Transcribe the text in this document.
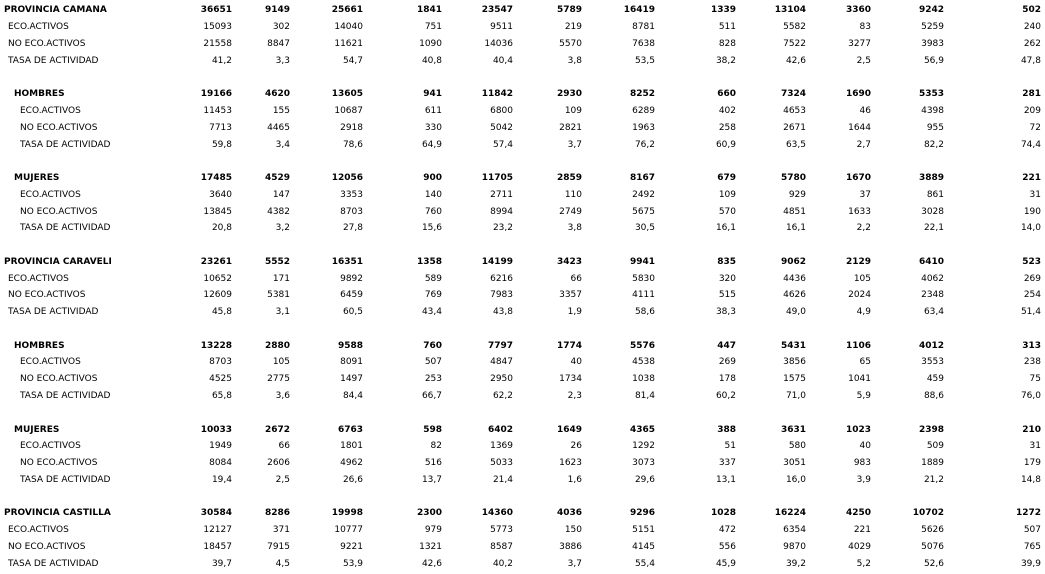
PROVINCIA CAMANA	36651	9149	25661	1841	23547	5789	16419	1339	13104	3360	9242	502
ECO.ACTIVOS	15093	302	14040	751	9511	219	8781	511	5582	83	5259	240
NO ECO.ACTIVOS	21558	8847	11621	1090	14036	5570	7638	828	7522	3277	3983	262
TASA DE ACTIVIDAD	41,2	3,3	54,7	40,8	40,4	3,8	53,5	38,2	42,6	2,5	56,9	47,8

HOMBRES	19166	4620	13605	941	11842	2930	8252	660	7324	1690	5353	281
ECO.ACTIVOS	11453	155	10687	611	6800	109	6289	402	4653	46	4398	209
NO ECO.ACTIVOS	7713	4465	2918	330	5042	2821	1963	258	2671	1644	955	72
TASA DE ACTIVIDAD	59,8	3,4	78,6	64,9	57,4	3,7	76,2	60,9	63,5	2,7	82,2	74,4

MUJERES	17485	4529	12056	900	11705	2859	8167	679	5780	1670	3889	221
ECO.ACTIVOS	3640	147	3353	140	2711	110	2492	109	929	37	861	31
NO ECO.ACTIVOS	13845	4382	8703	760	8994	2749	5675	570	4851	1633	3028	190
TASA DE ACTIVIDAD	20,8	3,2	27,8	15,6	23,2	3,8	30,5	16,1	16,1	2,2	22,1	14,0

PROVINCIA CARAVELI	23261	5552	16351	1358	14199	3423	9941	835	9062	2129	6410	523
ECO.ACTIVOS	10652	171	9892	589	6216	66	5830	320	4436	105	4062	269
NO ECO.ACTIVOS	12609	5381	6459	769	7983	3357	4111	515	4626	2024	2348	254
TASA DE ACTIVIDAD	45,8	3,1	60,5	43,4	43,8	1,9	58,6	38,3	49,0	4,9	63,4	51,4

HOMBRES	13228	2880	9588	760	7797	1774	5576	447	5431	1106	4012	313
ECO.ACTIVOS	8703	105	8091	507	4847	40	4538	269	3856	65	3553	238
NO ECO.ACTIVOS	4525	2775	1497	253	2950	1734	1038	178	1575	1041	459	75
TASA DE ACTIVIDAD	65,8	3,6	84,4	66,7	62,2	2,3	81,4	60,2	71,0	5,9	88,6	76,0

MUJERES	10033	2672	6763	598	6402	1649	4365	388	3631	1023	2398	210
ECO.ACTIVOS	1949	66	1801	82	1369	26	1292	51	580	40	509	31
NO ECO.ACTIVOS	8084	2606	4962	516	5033	1623	3073	337	3051	983	1889	179
TASA DE ACTIVIDAD	19,4	2,5	26,6	13,7	21,4	1,6	29,6	13,1	16,0	3,9	21,2	14,8

PROVINCIA CASTILLA	30584	8286	19998	2300	14360	4036	9296	1028	16224	4250	10702	1272
ECO.ACTIVOS	12127	371	10777	979	5773	150	5151	472	6354	221	5626	507
NO ECO.ACTIVOS	18457	7915	9221	1321	8587	3886	4145	556	9870	4029	5076	765
TASA DE ACTIVIDAD	39,7	4,5	53,9	42,6	40,2	3,7	55,4	45,9	39,2	5,2	52,6	39,9
